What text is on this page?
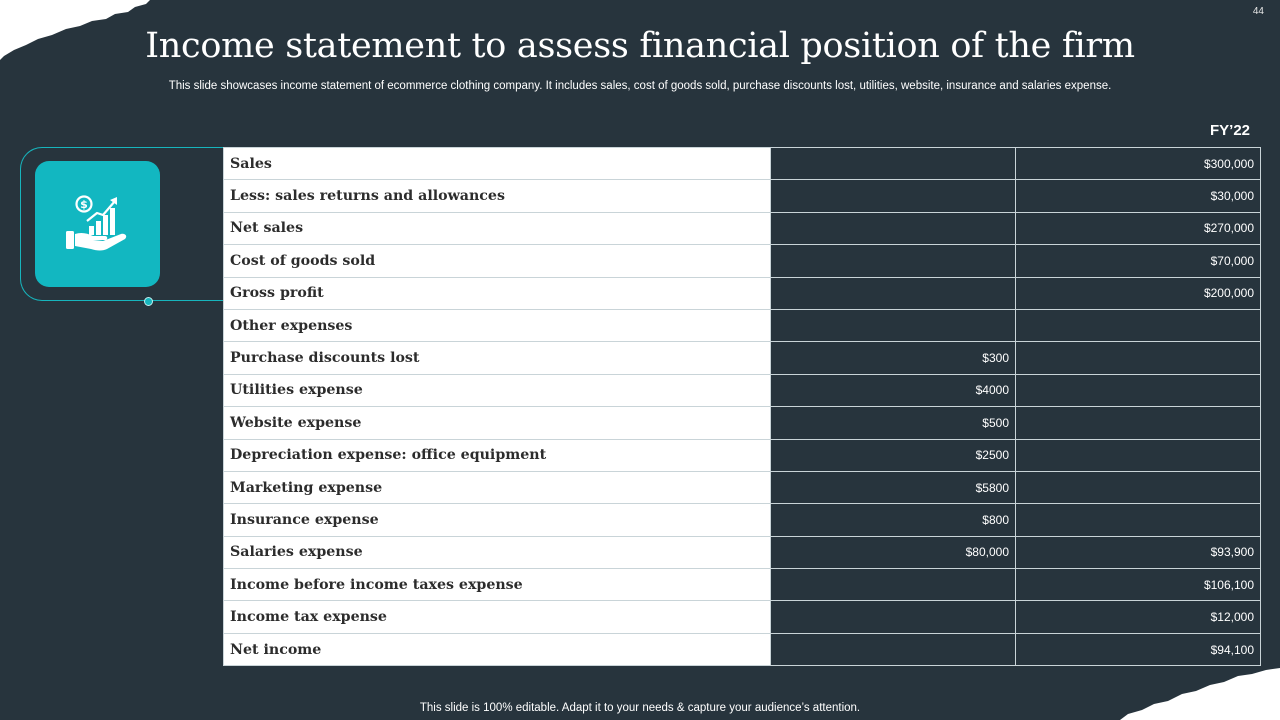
44
Income statement to assess financial position of the firm

This slide showcases income statement of ecommerce clothing company. It includes sales, cost of goods sold, purchase discounts lost, utilities, website, insurance and salaries expense.

FY’22
$
Sales		$300,000
Less: sales returns and allowances		$30,000
Net sales		$270,000
Cost of goods sold		$70,000
Gross profit		$200,000
Other expenses		
Purchase discounts lost	$300	
Utilities expense	$4000	
Website expense	$500	
Depreciation expense: office equipment	$2500	
Marketing expense	$5800	
Insurance expense	$800	
Salaries expense	$80,000	$93,900
Income before income taxes expense		$106,100
Income tax expense		$12,000
Net income		$94,100

This slide is 100% editable. Adapt it to your needs & capture your audience’s attention.
